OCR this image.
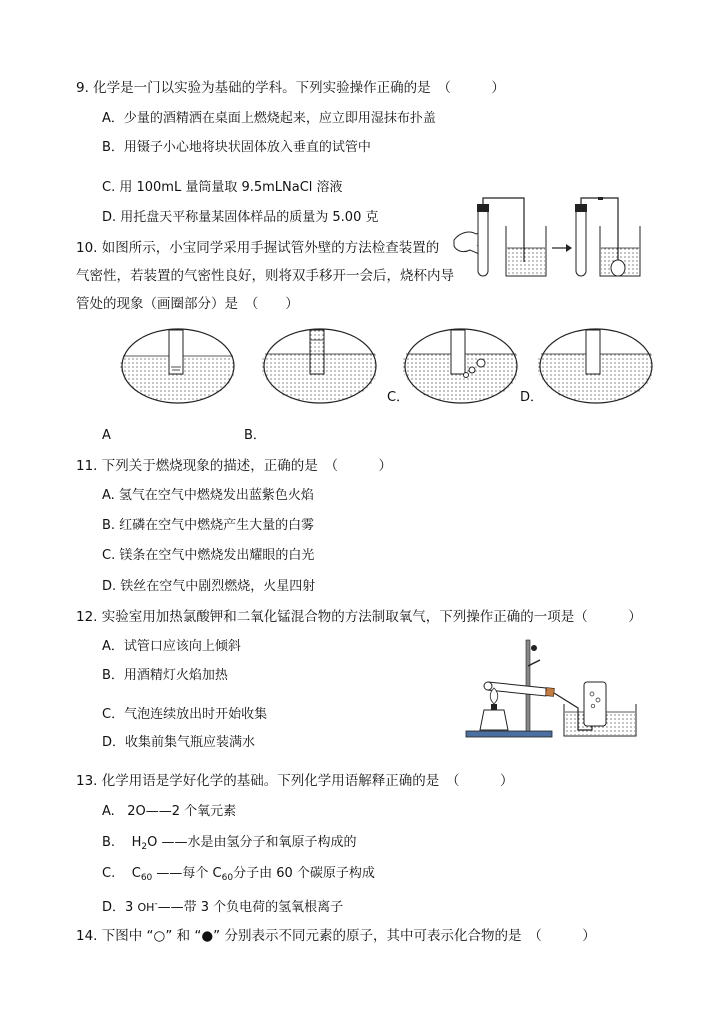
9. 化学是一门以实验为基础的学科。下列实验操作正确的是　（　　　）
A．少量的酒精洒在桌面上燃烧起来，应立即用湿抹布扑盖
B．用镊子小心地将块状固体放入垂直的试管中
C. 用 100mL 量筒量取 9.5mLNaCl 溶液
D. 用托盘天平称量某固体样品的质量为 5.00 克
10. 如图所示，小宝同学采用手握试管外壁的方法检查装置的
气密性，若装置的气密性良好，则将双手移开一会后，烧杯内导
管处的现象（画圈部分）是　（　　）
A	B．
C．	D．
11. 下列关于燃烧现象的描述，正确的是　（　　　）
A. 氢气在空气中燃烧发出蓝紫色火焰
B. 红磷在空气中燃烧产生大量的白雾
C. 镁条在空气中燃烧发出耀眼的白光
D. 铁丝在空气中剧烈燃烧，火星四射
12. 实验室用加热氯酸钾和二氧化锰混合物的方法制取氧气，下列操作正确的一项是（　　　）
A．试管口应该向上倾斜
B．用酒精灯火焰加热
C．气泡连续放出时开始收集
D．收集前集气瓶应装满水
13. 化学用语是学好化学的基础。下列化学用语解释正确的是　（　　　）
A. 2O——2 个氧元素
B. $H_2O$ ——水是由氢分子和氧原子构成的
C. $C_{60}$ ——每个 $C_{60}$分子由 60 个碳原子构成
D．3 OH-——带 3 个负电荷的氢氧根离子
14. 下图中 “○” 和 “●” 分别表示不同元素的原子，其中可表示化合物的是　（　　　）
